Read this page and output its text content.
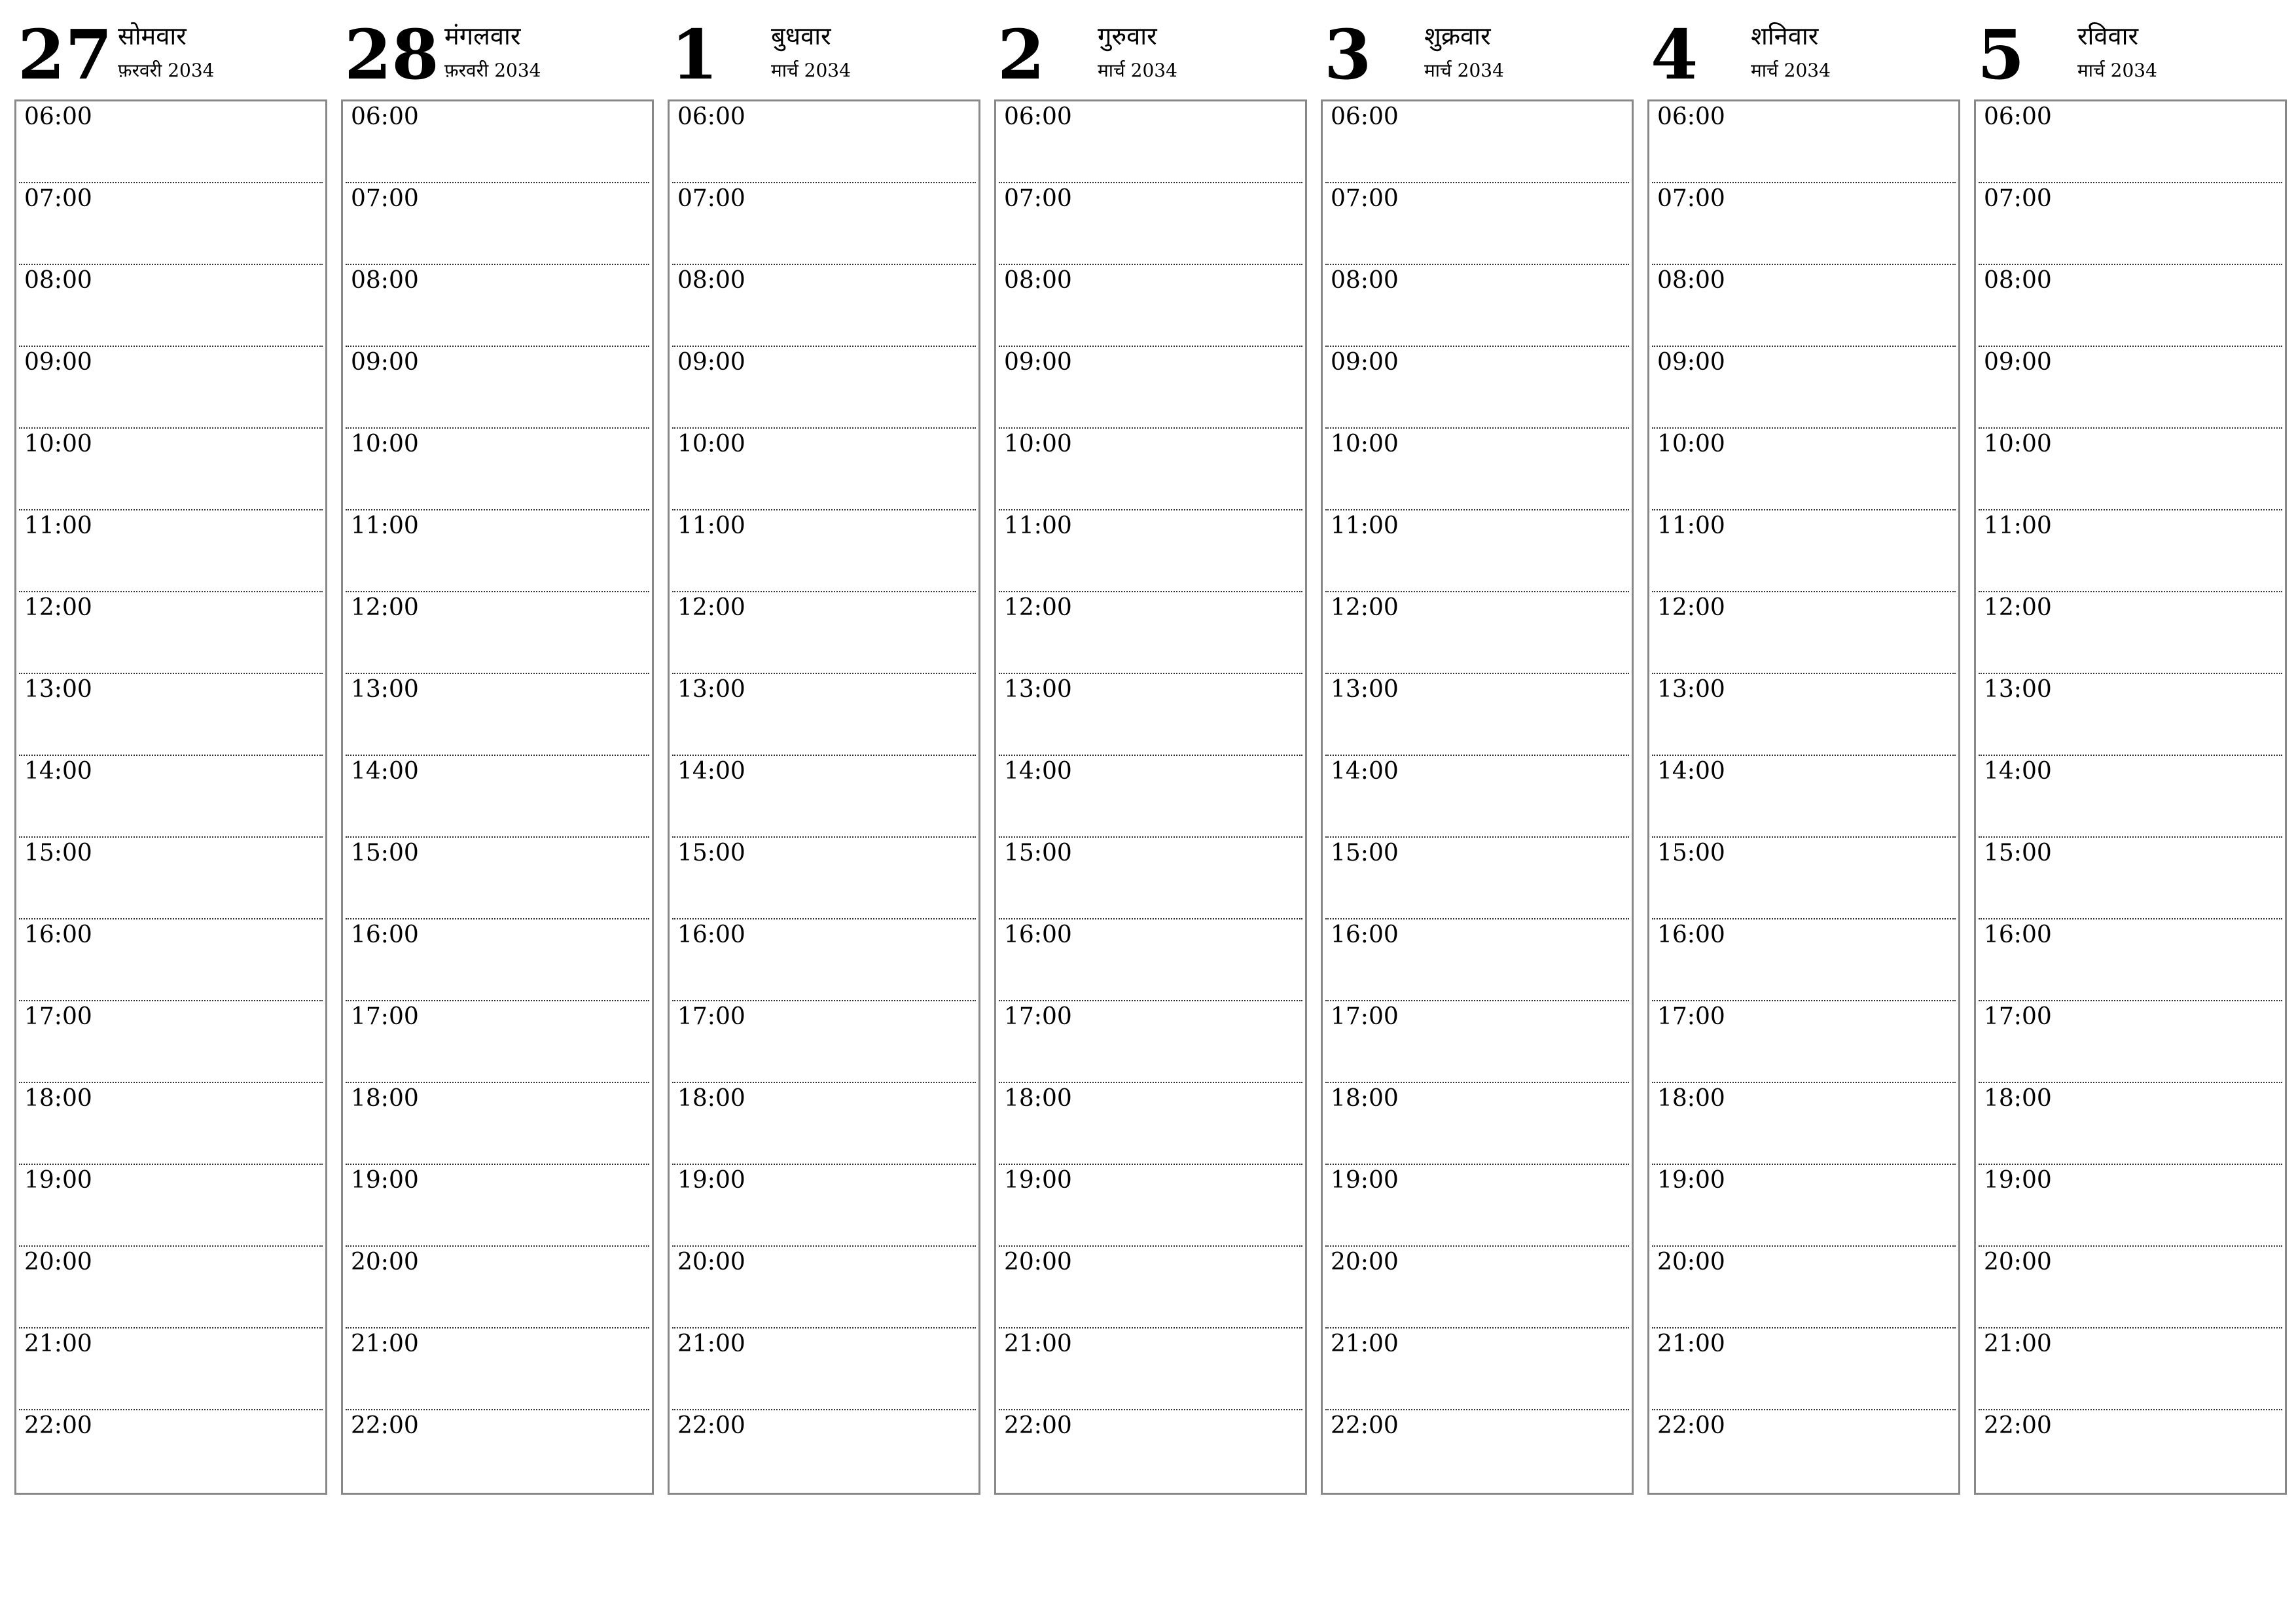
27 सोमवार
फ़रवरी 2034
06:00
07:00
08:00
09:00
10:00
11:00
12:00
13:00
14:00
15:00
16:00
17:00
18:00
19:00
20:00
21:00
22:00
28 मंगलवार
फ़रवरी 2034
06:00
07:00
08:00
09:00
10:00
11:00
12:00
13:00
14:00
15:00
16:00
17:00
18:00
19:00
20:00
21:00
22:00
1 बुधवार
मार्च 2034
06:00
07:00
08:00
09:00
10:00
11:00
12:00
13:00
14:00
15:00
16:00
17:00
18:00
19:00
20:00
21:00
22:00
2 गुरुवार
मार्च 2034
06:00
07:00
08:00
09:00
10:00
11:00
12:00
13:00
14:00
15:00
16:00
17:00
18:00
19:00
20:00
21:00
22:00
3 शुक्रवार
मार्च 2034
06:00
07:00
08:00
09:00
10:00
11:00
12:00
13:00
14:00
15:00
16:00
17:00
18:00
19:00
20:00
21:00
22:00
4 शनिवार
मार्च 2034
06:00
07:00
08:00
09:00
10:00
11:00
12:00
13:00
14:00
15:00
16:00
17:00
18:00
19:00
20:00
21:00
22:00
5 रविवार
मार्च 2034
06:00
07:00
08:00
09:00
10:00
11:00
12:00
13:00
14:00
15:00
16:00
17:00
18:00
19:00
20:00
21:00
22:00
